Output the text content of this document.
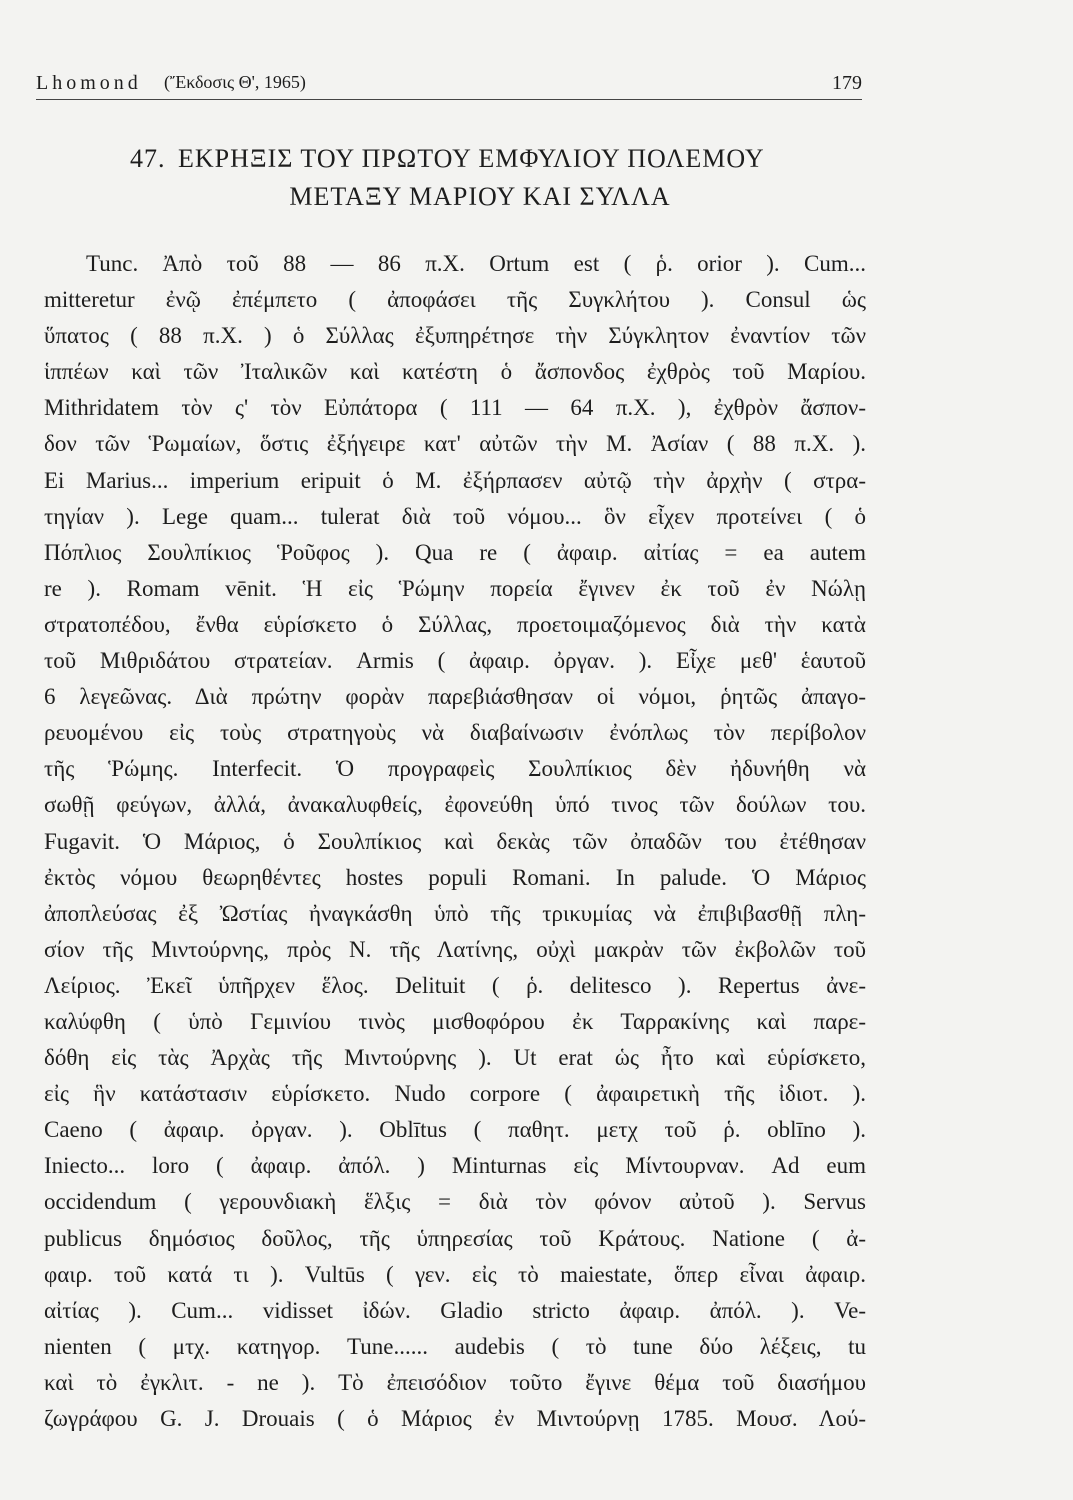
Lhomond (Ἔκδοσις Θ', 1965)	179
47. ΕΚΡΗΞΙΣ ΤΟΥ ΠΡΩΤΟΥ ΕΜΦΥΛΙΟΥ ΠΟΛΕΜΟΥ
ΜΕΤΑΞΥ ΜΑΡΙΟΥ ΚΑΙ ΣΥΛΛΑ
Tunc. Ἀπὸ τοῦ 88 — 86 π.Χ. Ortum est ( ῥ. orior ). Cum...
mitteretur ἐνῷ ἐπέμπετο ( ἀποφάσει τῆς Συγκλήτου ). Consul ὡς
ὕπατος ( 88 π.Χ. ) ὁ Σύλλας ἐξυπηρέτησε τὴν Σύγκλητον ἐναντίον τῶν
ἱππέων καὶ τῶν Ἰταλικῶν καὶ κατέστη ὁ ἄσπονδος ἐχθρὸς τοῦ Μαρίου.
Mithridatem τὸν ς' τὸν Εὐπάτορα ( 111 — 64 π.Χ. ), ἐχθρὸν ἄσπον-
δον τῶν Ῥωμαίων, ὅστις ἐξήγειρε κατ' αὐτῶν τὴν Μ. Ἀσίαν ( 88 π.Χ. ).
Ei Marius... imperium eripuit ὁ Μ. ἐξήρπασεν αὐτῷ τὴν ἀρχὴν ( στρα-
τηγίαν ). Lege quam... tulerat διὰ τοῦ νόμου... ὃν εἶχεν προτείνει ( ὁ
Πόπλιος Σουλπίκιος Ῥοῦφος ). Qua re ( ἀφαιρ. αἰτίας = ea autem
re ). Romam vēnit. Ἡ εἰς Ῥώμην πορεία ἔγινεν ἐκ τοῦ ἐν Νώλῃ
στρατοπέδου, ἔνθα εὑρίσκετο ὁ Σύλλας, προετοιμαζόμενος διὰ τὴν κατὰ
τοῦ Μιθριδάτου στρατείαν. Armis ( ἀφαιρ. ὀργαν. ). Εἶχε μεθ' ἑαυτοῦ
6 λεγεῶνας. Διὰ πρώτην φορὰν παρεβιάσθησαν οἱ νόμοι, ῥητῶς ἀπαγο-
ρευομένου εἰς τοὺς στρατηγοὺς νὰ διαβαίνωσιν ἐνόπλως τὸν περίβολον
τῆς Ῥώμης. Interfecit. Ὁ προγραφεὶς Σουλπίκιος δὲν ἠδυνήθη νὰ
σωθῇ φεύγων, ἀλλά, ἀνακαλυφθείς, ἐφονεύθη ὑπό τινος τῶν δούλων του.
Fugavit. Ὁ Μάριος, ὁ Σουλπίκιος καὶ δεκὰς τῶν ὀπαδῶν του ἐτέθησαν
ἐκτὸς νόμου θεωρηθέντες hostes populi Romani. In palude. Ὁ Μάριος
ἀποπλεύσας ἐξ Ὠστίας ἠναγκάσθη ὑπὸ τῆς τρικυμίας νὰ ἐπιβιβασθῇ πλη-
σίον τῆς Μιντούρνης, πρὸς Ν. τῆς Λατίνης, οὐχὶ μακρὰν τῶν ἐκβολῶν τοῦ
Λείριος. Ἐκεῖ ὑπῆρχεν ἕλος. Delituit ( ῥ. delitesco ). Repertus ἀνε-
καλύφθη ( ὑπὸ Γεμινίου τινὸς μισθοφόρου ἐκ Ταρρακίνης καὶ παρε-
δόθη εἰς τὰς Ἀρχὰς τῆς Μιντούρνης ). Ut erat ὡς ἦτο καὶ εὑρίσκετο,
εἰς ἣν κατάστασιν εὑρίσκετο. Nudo corpore ( ἀφαιρετικὴ τῆς ἰδιοτ. ).
Caeno ( ἀφαιρ. ὀργαν. ). Oblītus ( παθητ. μετχ τοῦ ῥ. oblīno ).
Iniecto... loro ( ἀφαιρ. ἀπόλ. ) Minturnas εἰς Μίντουρναν. Ad eum
occidendum ( γερουνδιακὴ ἕλξις = διὰ τὸν φόνον αὐτοῦ ). Servus
publicus δημόσιος δοῦλος, τῆς ὑπηρεσίας τοῦ Κράτους. Natione ( ἀ-
φαιρ. τοῦ κατά τι ). Vultūs ( γεν. εἰς τὸ maiestate, ὅπερ εἶναι ἀφαιρ.
αἰτίας ). Cum... vidisset ἰδών. Gladio stricto ἀφαιρ. ἀπόλ. ). Ve-
nienten ( μτχ. κατηγορ. Tune...... audebis ( τὸ tune δύο λέξεις, tu
καὶ τὸ ἐγκλιτ. - ne ). Τὸ ἐπεισόδιον τοῦτο ἔγινε θέμα τοῦ διασήμου
ζωγράφου G. J. Drouais ( ὁ Μάριος ἐν Μιντούρνῃ 1785. Μουσ. Λού-
